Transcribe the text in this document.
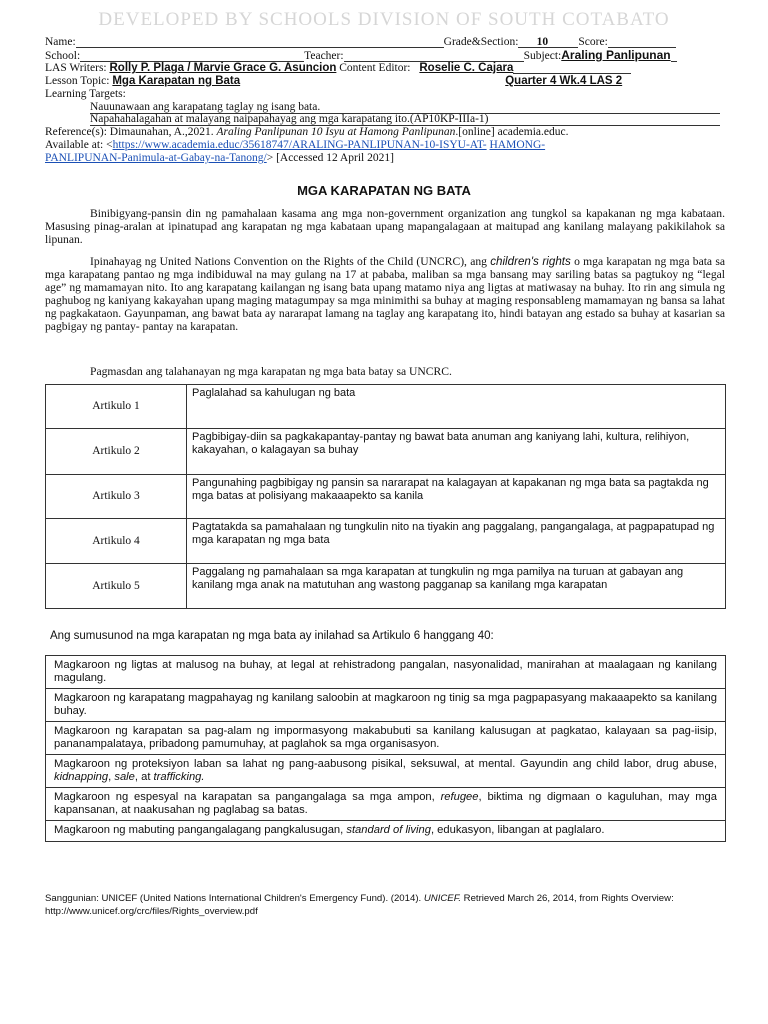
DEVELOPED BY SCHOOLS DIVISION OF SOUTH COTABATO
Name:	Grade&Section: 10	Score:
School:	Teacher:	Subject:Araling Panlipunan
LAS Writers: Rolly P. Plaga / Marvie Grace G. Asuncion Content Editor: Roselie C. Cajara
Lesson Topic: Mga Karapatan ng Bata	Quarter 4 Wk.4 LAS 2
Learning Targets:
Nauunawaan ang karapatang taglay ng isang bata.
Napahahalagahan at malayang naipapahayag ang mga karapatang ito.(AP10KP-IIIa-1)
Reference(s): Dimaunahan, A.,2021. Araling Panlipunan 10 Isyu at Hamong Panlipunan.[online] academia.educ.
Available at: <https://www.academia.educ/35618747/ARALING-PANLIPUNAN-10-ISYU-AT- HAMONG-
PANLIPUNAN-Panimula-at-Gabay-na-Tanong/> [Accessed 12 April 2021]
MGA KARAPATAN NG BATA
Binibigyang-pansin din ng pamahalaan kasama ang mga non-government organization ang tungkol sa kapakanan ng mga kabataan. Masusing pinag-aralan at ipinatupad ang karapatan ng mga kabataan upang mapangalagaan at maitupad ang kanilang malayang pakikilahok sa lipunan.
Ipinahayag ng United Nations Convention on the Rights of the Child (UNCRC), ang children's rights o mga karapatan ng mga bata sa mga karapatang pantao ng mga indibiduwal na may gulang na 17 at pababa, maliban sa mga bansang may sariling batas sa pagtukoy ng “legal age” ng mamamayan nito. Ito ang karapatang kailangan ng isang bata upang matamo niya ang ligtas at matiwasay na buhay. Ito rin ang simula ng paghubog ng kaniyang kakayahan upang maging matagumpay sa mga minimithi sa buhay at maging responsableng mamamayan ng bansa sa lahat ng pagkakataon. Gayunpaman, ang bawat bata ay nararapat lamang na taglay ang karapatang ito, hindi batayan ang estado sa buhay at kasarian sa pagbigay ng pantay- pantay na karapatan.
Pagmasdan ang talahanayan ng mga karapatan ng mga bata batay sa UNCRC.
Artikulo 1	Paglalahad sa kahulugan ng bata
Artikulo 2	Pagbibigay-diin sa pagkakapantay-pantay ng bawat bata anuman ang kaniyang lahi, kultura, relihiyon, kakayahan, o kalagayan sa buhay
Artikulo 3	Pangunahing pagbibigay ng pansin sa nararapat na kalagayan at kapakanan ng mga bata sa pagtakda ng mga batas at polisiyang makaaapekto sa kanila
Artikulo 4	Pagtatakda sa pamahalaan ng tungkulin nito na tiyakin ang paggalang, pangangalaga, at pagpapatupad ng mga karapatan ng mga bata
Artikulo 5	Paggalang ng pamahalaan sa mga karapatan at tungkulin ng mga pamilya na turuan at gabayan ang kanilang mga anak na matutuhan ang wastong pagganap sa kanilang mga karapatan
Ang sumusunod na mga karapatan ng mga bata ay inilahad sa Artikulo 6 hanggang 40:
Magkaroon ng ligtas at malusog na buhay, at legal at rehistradong pangalan, nasyonalidad, manirahan at maalagaan ng kanilang magulang.
Magkaroon ng karapatang magpahayag ng kanilang saloobin at magkaroon ng tinig sa mga pagpapasyang makaaapekto sa kanilang buhay.
Magkaroon ng karapatan sa pag-alam ng impormasyong makabubuti sa kanilang kalusugan at pagkatao, kalayaan sa pag-iisip, pananampalataya, pribadong pamumuhay, at paglahok sa mga organisasyon.
Magkaroon ng proteksiyon laban sa lahat ng pang-aabusong pisikal, seksuwal, at mental. Gayundin ang child labor, drug abuse, kidnapping, sale, at trafficking.
Magkaroon ng espesyal na karapatan sa pangangalaga sa mga ampon, refugee, biktima ng digmaan o kaguluhan, may mga kapansanan, at naakusahan ng paglabag sa batas.
Magkaroon ng mabuting pangangalagang pangkalusugan, standard of living, edukasyon, libangan at paglalaro.
Sanggunian: UNICEF (United Nations International Children's Emergency Fund). (2014). UNICEF. Retrieved March 26, 2014, from Rights Overview: http://www.unicef.org/crc/files/Rights_overview.pdf
